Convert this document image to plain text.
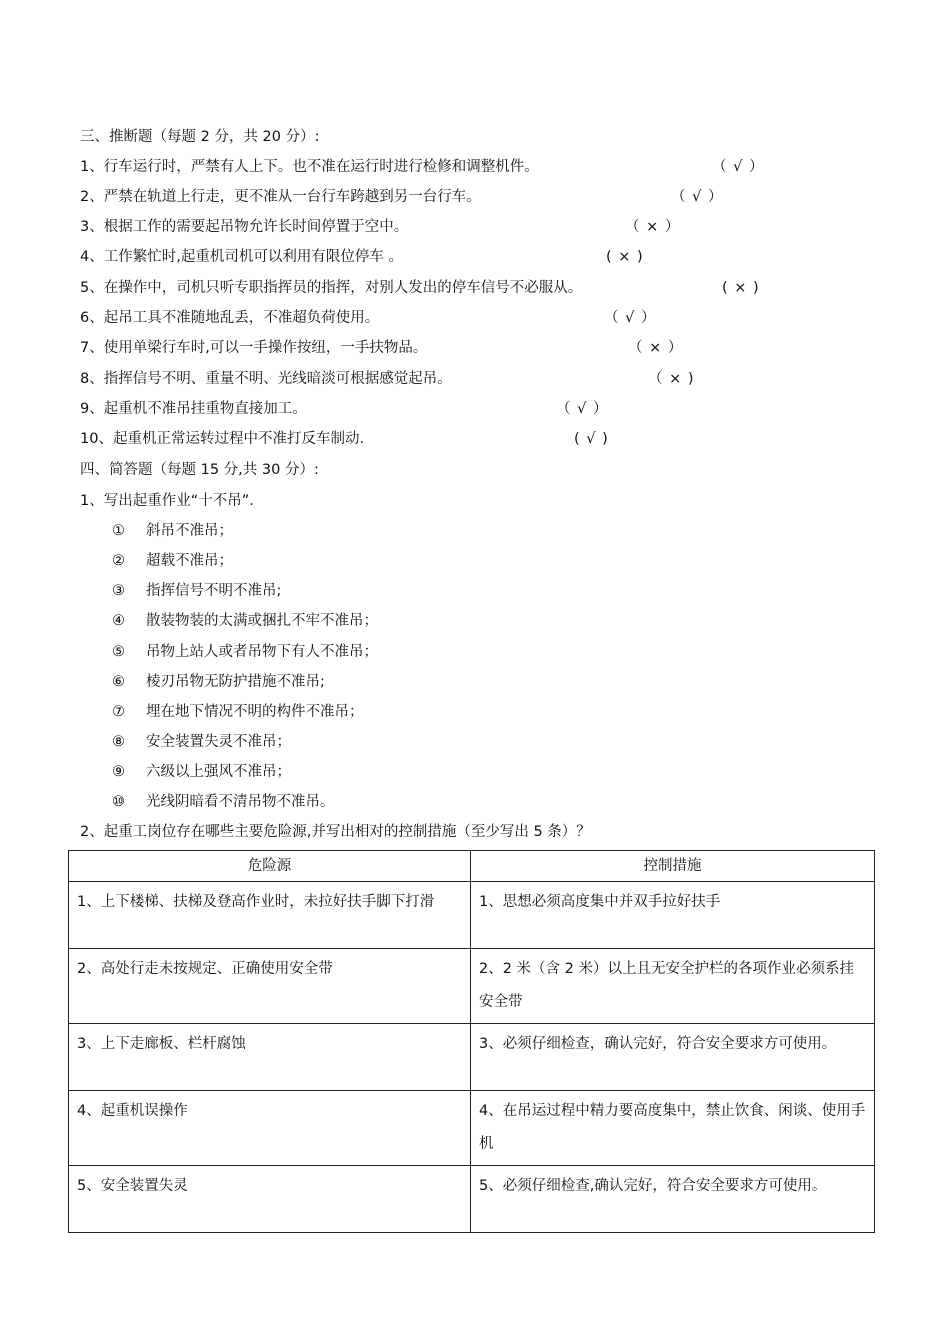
三、推断题（每题 2 分，共 20 分）:
1、行车运行时，严禁有人上下。也不准在运行时进行检修和调整机件。	（ √ ）
2、严禁在轨道上行走，更不准从一台行车跨越到另一台行车。	（ √ ）
3、根据工作的需要起吊物允许长时间停置于空中。	（ × ）
4、工作繁忙时,起重机司机可以利用有限位停车 。	( × )
5、在操作中，司机只听专职指挥员的指挥，对别人发出的停车信号不必服从。	( × )
6、起吊工具不准随地乱丢，不准超负荷使用。	（ √ ）
7、使用单梁行车时,可以一手操作按纽，一手扶物品。	（ × ）
8、指挥信号不明、重量不明、光线暗淡可根据感觉起吊。	（ × )
9、起重机不准吊挂重物直接加工。	（ √ ）
10、起重机正常运转过程中不准打反车制动.	( √ )
四、简答题（每题 15 分,共 30 分）:
1、写出起重作业“十不吊”.
①	斜吊不准吊；
②	超载不准吊；
③	指挥信号不明不准吊;
④	散装物装的太满或捆扎不牢不准吊；
⑤	吊物上站人或者吊物下有人不准吊；
⑥	棱刃吊物无防护措施不准吊;
⑦	埋在地下情况不明的构件不准吊；
⑧	安全装置失灵不准吊；
⑨	六级以上强风不准吊；
⑩	光线阴暗看不清吊物不准吊。
2、起重工岗位存在哪些主要危险源,并写出相对的控制措施（至少写出 5 条）？
危险源	控制措施
1、上下楼梯、扶梯及登高作业时，未拉好扶手脚下打滑	1、思想必须高度集中并双手拉好扶手
2、高处行走未按规定、正确使用安全带	2、2 米（含 2 米）以上且无安全护栏的各项作业必须系挂安全带
3、上下走廊板、栏杆腐蚀	3、必须仔细检查，确认完好，符合安全要求方可使用。
4、起重机误操作	4、在吊运过程中精力要高度集中，禁止饮食、闲谈、使用手机
5、安全装置失灵	5、必须仔细检查,确认完好，符合安全要求方可使用。
